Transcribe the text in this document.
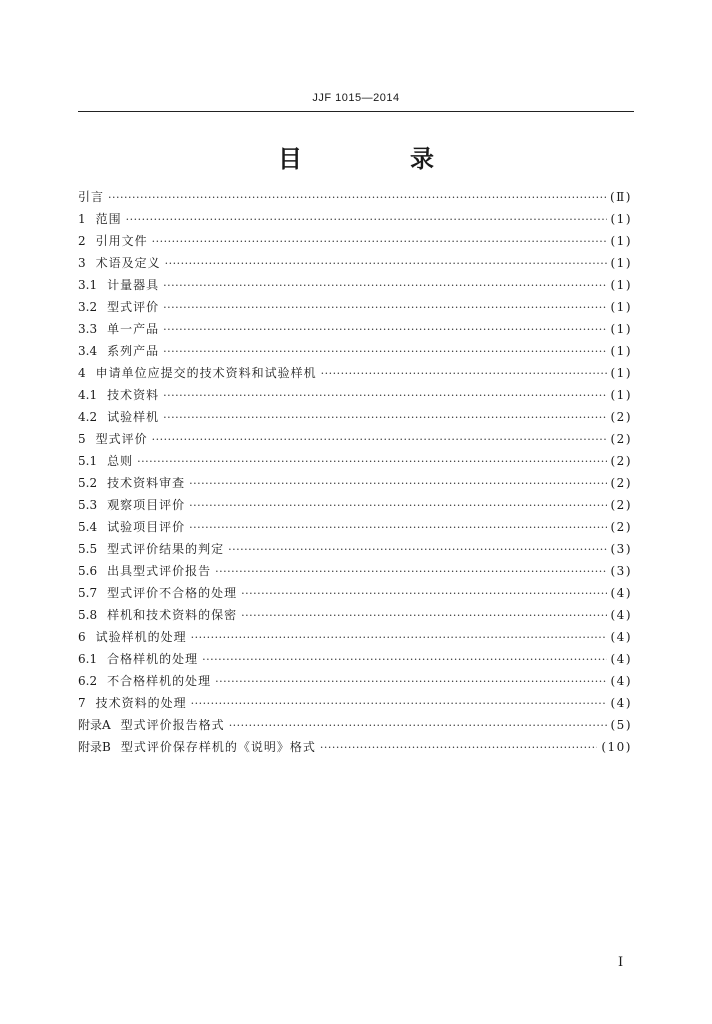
JJF 1015—2014
目　录
引言 ·····	(Ⅱ)
1 范围 ·····	(1)
2 引用文件 ·····	(1)
3 术语及定义 ·····	(1)
3.1 计量器具 ·····	(1)
3.2 型式评价 ·····	(1)
3.3 单一产品 ·····	(1)
3.4 系列产品 ·····	(1)
4 申请单位应提交的技术资料和试验样机 ·····	(1)
4.1 技术资料 ·····	(1)
4.2 试验样机 ·····	(2)
5 型式评价 ·····	(2)
5.1 总则 ·····	(2)
5.2 技术资料审查 ·····	(2)
5.3 观察项目评价 ·····	(2)
5.4 试验项目评价 ·····	(2)
5.5 型式评价结果的判定 ·····	(3)
5.6 出具型式评价报告 ·····	(3)
5.7 型式评价不合格的处理 ·····	(4)
5.8 样机和技术资料的保密 ·····	(4)
6 试验样机的处理 ·····	(4)
6.1 合格样机的处理 ·····	(4)
6.2 不合格样机的处理 ·····	(4)
7 技术资料的处理 ·····	(4)
附录A 型式评价报告格式 ·····	(5)
附录B 型式评价保存样机的《说明》格式 ·····	(10)
I
